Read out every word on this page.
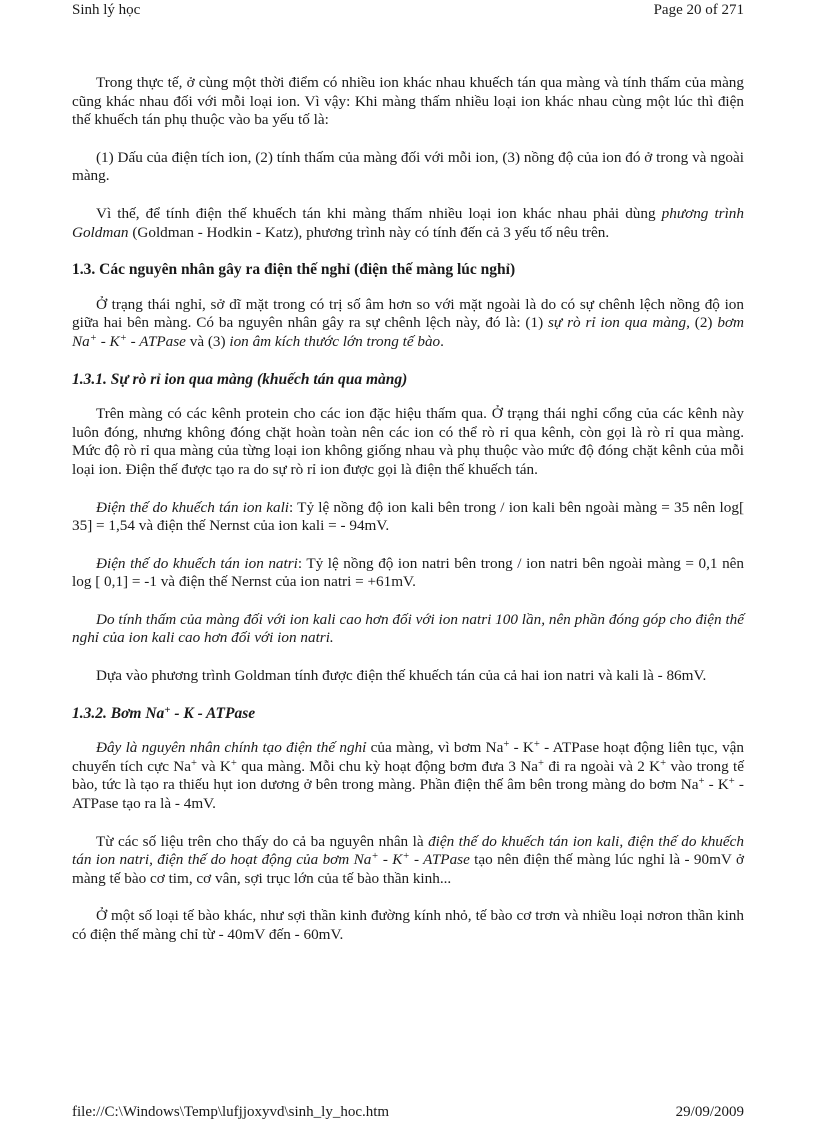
Sinh lý học	Page 20 of 271

Trong thực tế, ở cùng một thời điểm có nhiều ion khác nhau khuếch tán qua màng và tính thấm của màng cũng khác nhau đối với mỗi loại ion. Vì vậy: Khi màng thấm nhiều loại ion khác nhau cùng một lúc thì điện thế khuếch tán phụ thuộc vào ba yếu tố là:

(1) Dấu của điện tích ion, (2) tính thấm của màng đối với mỗi ion, (3) nồng độ của ion đó ở trong và ngoài màng.

Vì thế, để tính điện thế khuếch tán khi màng thấm nhiều loại ion khác nhau phải dùng phương trình Goldman (Goldman - Hodkin - Katz), phương trình này có tính đến cả 3 yếu tố nêu trên.

1.3. Các nguyên nhân gây ra điện thế nghỉ (điện thế màng lúc nghỉ)

Ở trạng thái nghỉ, sở dĩ mặt trong có trị số âm hơn so với mặt ngoài là do có sự chênh lệch nồng độ ion giữa hai bên màng. Có ba nguyên nhân gây ra sự chênh lệch này, đó là: (1) sự rò rỉ ion qua màng, (2) bơm Na+ - K+ - ATPase và (3) ion âm kích thước lớn trong tế bào.

1.3.1. Sự rò rỉ ion qua màng (khuếch tán qua màng)

Trên màng có các kênh protein cho các ion đặc hiệu thấm qua. Ở trạng thái nghỉ cổng của các kênh này luôn đóng, nhưng không đóng chặt hoàn toàn nên các ion có thể rò rỉ qua kênh, còn gọi là rò rỉ qua màng. Mức độ rò rỉ qua màng của từng loại ion không giống nhau và phụ thuộc vào mức độ đóng chặt kênh của mỗi loại ion. Điện thế được tạo ra do sự rò rỉ ion được gọi là điện thế khuếch tán.

Điện thế do khuếch tán ion kali: Tỷ lệ nồng độ ion kali bên trong / ion kali bên ngoài màng = 35 nên log[ 35] = 1,54 và điện thế Nernst của ion kali = - 94mV.

Điện thế do khuếch tán ion natri: Tỷ lệ nồng độ ion natri bên trong / ion natri bên ngoài màng = 0,1 nên log [ 0,1] = -1 và điện thế Nernst của ion natri = +61mV.

Do tính thấm của màng đối với ion kali cao hơn đối với ion natri 100 lần, nên phần đóng góp cho điện thế nghỉ của ion kali cao hơn đối với ion natri.

Dựa vào phương trình Goldman tính được điện thế khuếch tán của cả hai ion natri và kali là - 86mV.

1.3.2. Bơm Na+ - K - ATPase

Đây là nguyên nhân chính tạo điện thế nghỉ của màng, vì bơm Na+ - K+ - ATPase hoạt động liên tục, vận chuyển tích cực Na+ và K+ qua màng. Mỗi chu kỳ hoạt động bơm đưa 3 Na+ đi ra ngoài và 2 K+ vào trong tế bào, tức là tạo ra thiếu hụt ion dương ở bên trong màng. Phần điện thế âm bên trong màng do bơm Na+ - K+ - ATPase tạo ra là - 4mV.

Từ các số liệu trên cho thấy do cả ba nguyên nhân là điện thế do khuếch tán ion kali, điện thế do khuếch tán ion natri, điện thế do hoạt động của bơm Na+ - K+ - ATPase tạo nên điện thế màng lúc nghỉ là - 90mV ở màng tế bào cơ tim, cơ vân, sợi trục lớn của tế bào thần kinh...

Ở một số loại tế bào khác, như sợi thần kinh đường kính nhỏ, tế bào cơ trơn và nhiều loại nơron thần kinh có điện thế màng chỉ từ - 40mV đến - 60mV.

file://C:\Windows\Temp\lufjjoxyvd\sinh_ly_hoc.htm	29/09/2009
